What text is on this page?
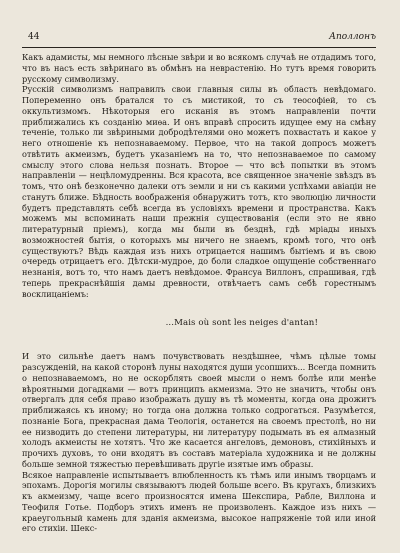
44	Аполлонъ

Какъ адамисты, мы немного лѣсные звѣри и во всякомъ случаѣ не отдадимъ того, что въ насъ есть звѣринаго въ обмѣнъ на неврастенію. Но тутъ время говорить русскому символизму.

Русскій символизмъ направилъ свои главныя силы въ область невѣдомаго. Попеременно онъ братался то съ мистикой, то съ теософіей, то съ оккультизмомъ. Нѣкоторыя его исканія въ этомъ направленіи почти приближались къ созданію миѳа. И онъ вправѣ спросить идущее ему на смѣну теченіе, только ли звѣриными добродѣтелями оно можетъ похвастать и какое у него отношеніе къ непознаваемому. Первое, что на такой допросъ можетъ отвѣтить акмеизмъ, будетъ указаніемъ на то, что непознаваемое по самому смыслу этого слова нельзя познать. Второе — что всѣ попытки въ этомъ направленіи — нецѣломудренны. Вся красота, все священное значеніе звѣздъ въ томъ, что онѣ безконечно далеки отъ земли и ни съ какими успѣхами авіаціи не станутъ ближе. Бѣдность воображенія обнаружитъ тотъ, кто эволюцію личности будетъ представлять себѣ всегда въ условіяхъ времени и пространства. Какъ можемъ мы вспоминать наши прежнія существованія (если это не явно литературный пріемъ), когда мы были въ безднѣ, гдѣ мріады иныхъ возможностей бытія, о которыхъ мы ничего не знаемъ, кромѣ того, что онѣ существуютъ? Вѣдь каждая изъ нихъ отрицается нашимъ бытіемъ и въ свою очередь отрицаетъ его. Дѣтски-мудрое, до боли сладкое ощущеніе собственнаго незнанія, вотъ то, что намъ даетъ невѣдомое. Франсуа Виллонъ, спрашивая, гдѣ теперь прекраснѣйшія дамы древности, отвѣчаетъ самъ себѣ горестнымъ восклицаніемъ:

...Mais où sont les neiges d'antan!

И это сильнѣе даетъ намъ почувствовать нездѣшнее, чѣмъ цѣлые томы разсужденій, на какой сторонѣ луны находятся души усопшихъ... Всегда помнить о непознаваемомъ, но не оскорблять своей мысли о немъ болѣе или менѣе вѣроятными догадками — вотъ принципъ акмеизма. Это не значитъ, чтобы онъ отвергалъ для себя право изображать душу въ тѣ моменты, когда она дрожитъ приближаясь къ иному; но тогда она должна только содрогаться. Разумѣется, познаніе Бога, прекрасная дама Теологія, останется на своемъ престолѣ, но ни ее низводить до степени литературы, ни литературу подымать въ ея алмазный холодъ акмеисты не хотятъ. Что же касается ангеловъ, демоновъ, стихійныхъ и прочихъ духовъ, то они входятъ въ составъ матеріала художника и не должны больше земной тяжестью перевѣшивать другіе изятые имъ образы.

Всякое направленіе испытываетъ влюбленность къ тѣмъ или инымъ творцамъ и эпохамъ. Дорогія могилы связываютъ людей больше всего. Въ кругахъ, близкихъ къ акмеизму, чаще всего произносятся имена Шекспира, Рабле, Виллона и Теофиля Готье. Подборъ этихъ именъ не произволенъ. Каждое изъ нихъ — краеугольный камень для зданія акмеизма, высокое напряженіе той или иной его стихіи. Шекс-
